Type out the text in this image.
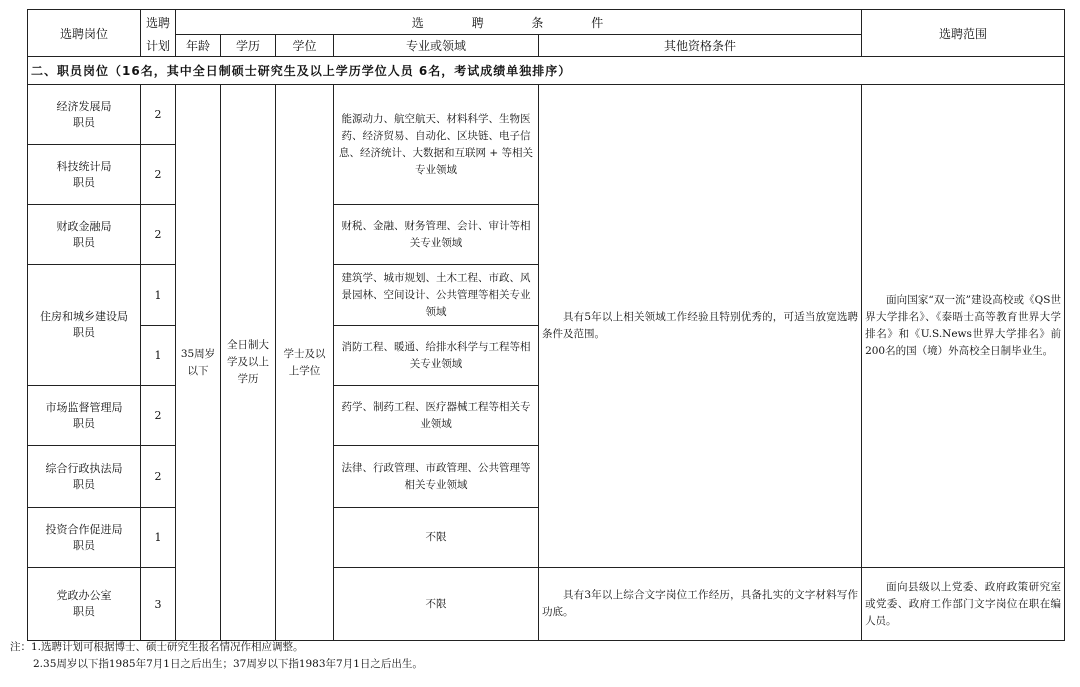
选聘岗位	选聘	选 聘 条 件					选聘范围
	计划	年龄	学历	学位	专业或领域	其他资格条件	
二、职员岗位（16名，其中全日制硕士研究生及以上学历学位人员 6名，考试成绩单独排序）							
经济发展局
职员	2	35周岁以下	全日制大学及以上学历	学士及以上学位	能源动力、航空航天、材料科学、生物医药、经济贸易、自动化、区块链、电子信息、经济统计、大数据和互联网 + 等相关专业领域	具有5年以上相关领域工作经验且特别优秀的，可适当放宽选聘条件及范围。	面向国家“双一流”建设高校或《QS世界大学排名》、《泰晤士高等教育世界大学排名》和《U.S.News世界大学排名》前200名的国（境）外高校全日制毕业生。
科技统计局
职员	2						
财政金融局
职员	2				财税、金融、财务管理、会计、审计等相关专业领域		
住房和城乡建设局
职员	1				建筑学、城市规划、土木工程、市政、风景园林、空间设计、公共管理等相关专业领域		
	1				消防工程、暖通、给排水科学与工程等相关专业领域		
市场监督管理局
职员	2				药学、制药工程、医疗器械工程等相关专业领域		
综合行政执法局
职员	2				法律、行政管理、市政管理、公共管理等相关专业领域		
投资合作促进局
职员	1				不限		
党政办公室
职员	3				不限	具有3年以上综合文字岗位工作经历，具备扎实的文字材料写作功底。	面向县级以上党委、政府政策研究室或党委、政府工作部门文字岗位在职在编人员。
注：1.选聘计划可根据博士、硕士研究生报名情况作相应调整。
2.35周岁以下指1985年7月1日之后出生；37周岁以下指1983年7月1日之后出生。
